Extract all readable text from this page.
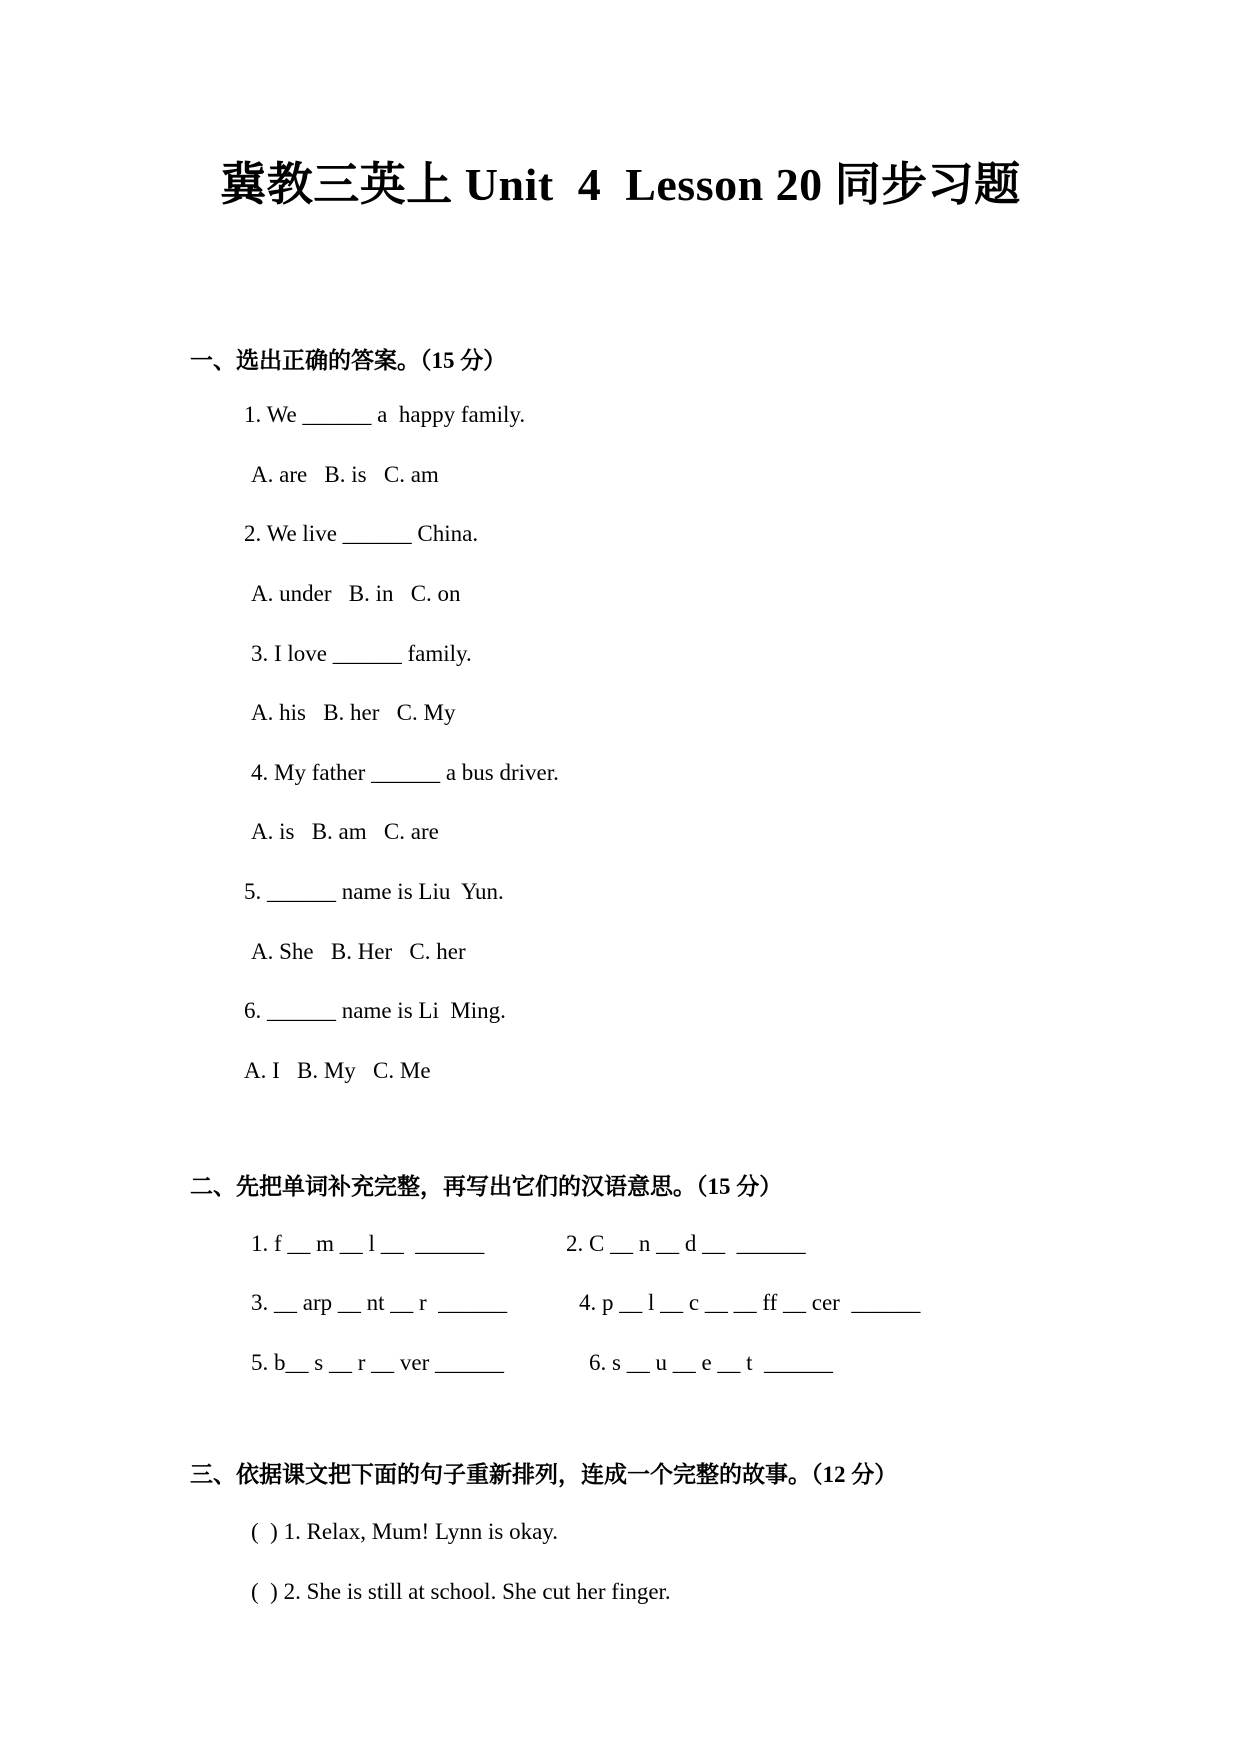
冀教三英上 Unit  4  Lesson 20 同步习题
一、选出正确的答案。（15 分）
1. We ______ a  happy family.
A. are   B. is   C. am
2. We live ______ China.
A. under   B. in   C. on
3. I love ______ family.
A. his   B. her   C. My
4. My father ______ a bus driver.
A. is   B. am   C. are
5. ______ name is Liu  Yun.
A. She   B. Her   C. her
6. ______ name is Li  Ming.
A. I   B. My   C. Me
二、先把单词补充完整，再写出它们的汉语意思。（15 分）
1. f __ m __ l __  ______	2. C __ n __ d __  ______
3. __ arp __ nt __ r  ______	4. p __ l __ c __ __ ff __ cer  ______
5. b__ s __ r __ ver ______	6. s __ u __ e __ t  ______
三、依据课文把下面的句子重新排列，连成一个完整的故事。（12 分）
(  ) 1. Relax, Mum! Lynn is okay.
(  ) 2. She is still at school. She cut her finger.
